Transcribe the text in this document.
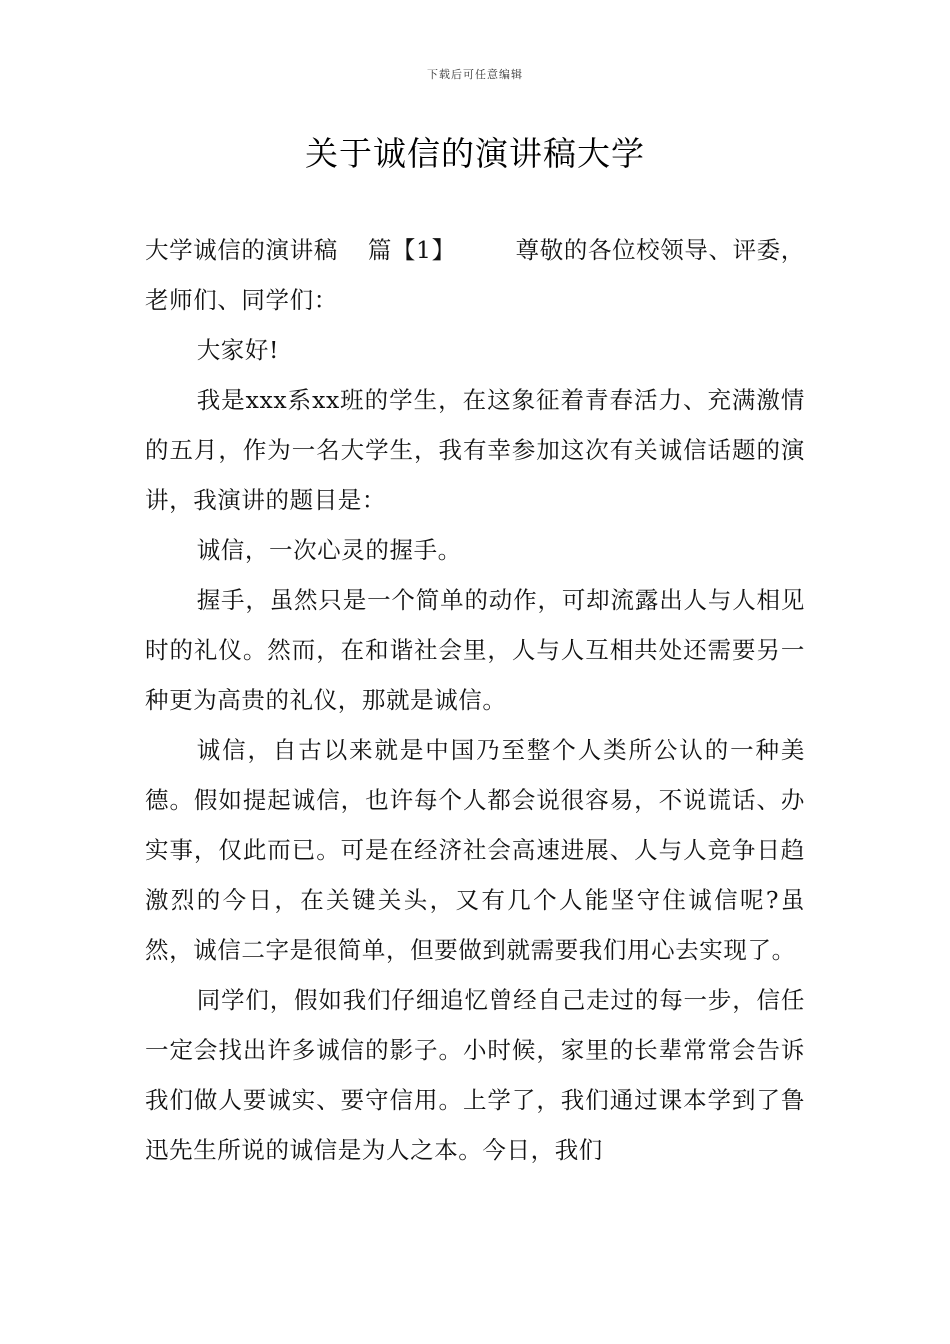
下载后可任意编辑
关于诚信的演讲稿大学
大学诚信的演讲稿 篇【1】	尊敬的各位校领导、评委，

老师们、同学们：

大家好!

我是xxx系xx班的学生，在这象征着青春活力、充满激情的五月，作为一名大学生，我有幸参加这次有关诚信话题的演讲，我演讲的题目是：

诚信，一次心灵的握手。

握手，虽然只是一个简单的动作，可却流露出人与人相见时的礼仪。然而，在和谐社会里，人与人互相共处还需要另一种更为高贵的礼仪，那就是诚信。

诚信，自古以来就是中国乃至整个人类所公认的一种美德。假如提起诚信，也许每个人都会说很容易，不说谎话、办实事，仅此而已。可是在经济社会高速进展、人与人竞争日趋激烈的今日，在关键关头，又有几个人能坚守住诚信呢?虽然，诚信二字是很简单，但要做到就需要我们用心去实现了。

同学们，假如我们仔细追忆曾经自己走过的每一步，信任一定会找出许多诚信的影子。小时候，家里的长辈常常会告诉我们做人要诚实、要守信用。上学了，我们通过课本学到了鲁迅先生所说的诚信是为人之本。今日，我们
